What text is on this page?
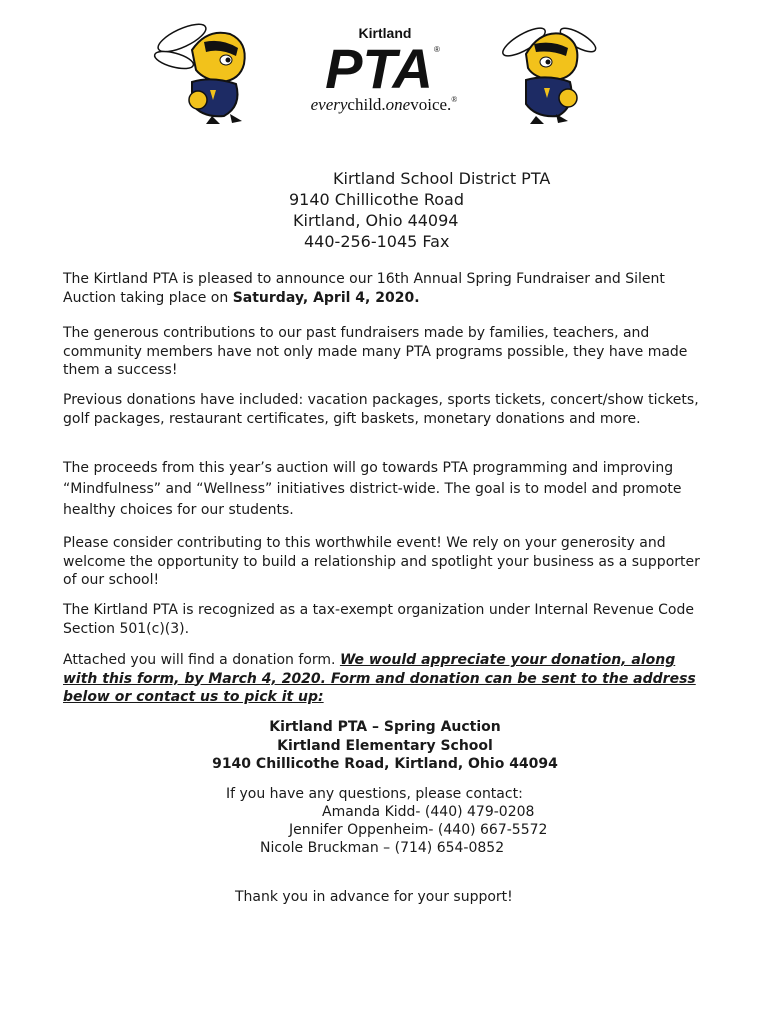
Kirtland
PTA ®
everychild.onevoice.®
Kirtland School District PTA
9140 Chillicothe Road
Kirtland, Ohio 44094
440-256-1045 Fax
The Kirtland PTA is pleased to announce our 16th Annual Spring Fundraiser and Silent Auction taking place on Saturday, April 4, 2020.
The generous contributions to our past fundraisers made by families, teachers, and community members have not only made many PTA programs possible, they have made them a success!
Previous donations have included: vacation packages, sports tickets, concert/show tickets, golf packages, restaurant certificates, gift baskets, monetary donations and more.
The proceeds from this year’s auction will go towards PTA programming and improving “Mindfulness” and “Wellness” initiatives district-wide. The goal is to model and promote healthy choices for our students.
Please consider contributing to this worthwhile event! We rely on your generosity and welcome the opportunity to build a relationship and spotlight your business as a supporter of our school!
The Kirtland PTA is recognized as a tax-exempt organization under Internal Revenue Code Section 501(c)(3).
Attached you will find a donation form. We would appreciate your donation, along with this form, by March 4, 2020. Form and donation can be sent to the address below or contact us to pick it up:
Kirtland PTA – Spring Auction
Kirtland Elementary School
9140 Chillicothe Road, Kirtland, Ohio 44094
If you have any questions, please contact:
Amanda Kidd- (440) 479-0208
Jennifer Oppenheim- (440) 667-5572
Nicole Bruckman – (714) 654-0852
Thank you in advance for your support!
